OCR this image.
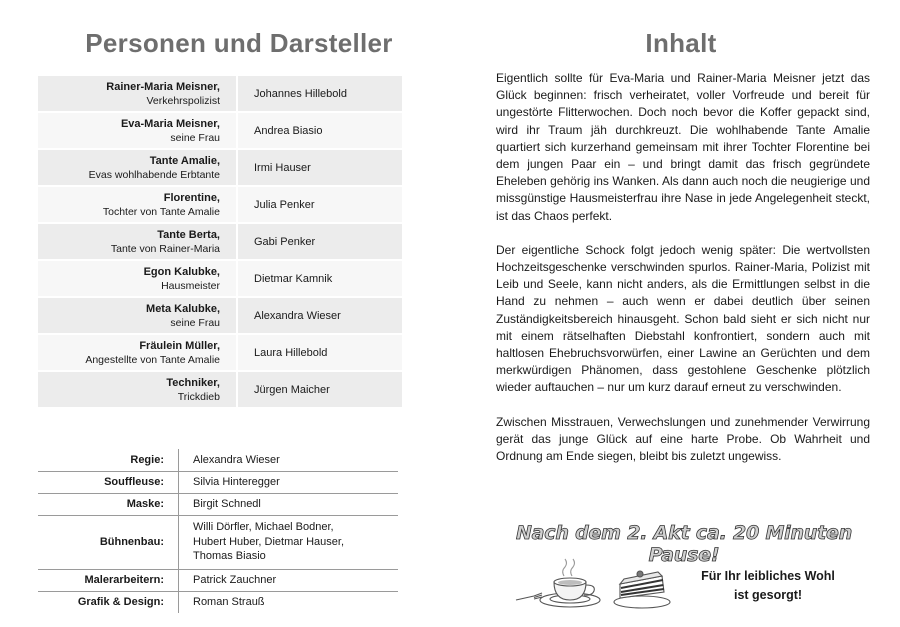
Personen und Darsteller	Inhalt
Rainer-Maria Meisner,
Verkehrspolizist	Johannes Hillebold

Eva-Maria Meisner,
seine Frau	Andrea Biasio

Tante Amalie,
Evas wohlhabende Erbtante	Irmi Hauser

Florentine,
Tochter von Tante Amalie	Julia Penker

Tante Berta,
Tante von Rainer-Maria	Gabi Penker

Egon Kalubke,
Hausmeister	Dietmar Kamnik

Meta Kalubke,
seine Frau	Alexandra Wieser

Fräulein Müller,
Angestellte von Tante Amalie	Laura Hillebold

Techniker,
Trickdieb	Jürgen Maicher
Regie:	Alexandra Wieser
Souffleuse:	Silvia Hinteregger
Maske:	Birgit Schnedl
Bühnenbau:	Willi Dörfler, Michael Bodner,
Hubert Huber, Dietmar Hauser,
Thomas Biasio

Malerarbeitern:	Patrick Zauchner
Grafik & Design:	Roman Strauß

Eigentlich sollte für Eva-Maria und Rainer-Maria Meisner jetzt das Glück beginnen: frisch verheiratet, voller Vorfreude und bereit für ungestörte Flitterwochen. Doch noch bevor die Koffer gepackt sind, wird ihr Traum jäh durchkreuzt. Die wohlhabende Tante Amalie quartiert sich kurzerhand gemeinsam mit ihrer Tochter Florentine bei dem jungen Paar ein – und bringt damit das frisch gegründete Eheleben gehörig ins Wanken. Als dann auch noch die neugierige und missgünstige Hausmeisterfrau ihre Nase in jede Angelegenheit steckt, ist das Chaos perfekt.

Der eigentliche Schock folgt jedoch wenig später: Die wertvollsten Hochzeitsgeschenke verschwinden spurlos. Rainer-Maria, Polizist mit Leib und Seele, kann nicht anders, als die Ermittlungen selbst in die Hand zu nehmen – auch wenn er dabei deutlich über seinen Zuständigkeitsbereich hinausgeht. Schon bald sieht er sich nicht nur mit einem rätselhaften Diebstahl konfrontiert, sondern auch mit haltlosen Ehebruchsvorwürfen, einer Lawine an Gerüchten und dem merkwürdigen Phänomen, dass gestohlene Geschenke plötzlich wieder auftauchen – nur um kurz darauf erneut zu verschwinden.

Zwischen Misstrauen, Verwechslungen und zunehmender Verwirrung gerät das junge Glück auf eine harte Probe. Ob Wahrheit und Ordnung am Ende siegen, bleibt bis zuletzt ungewiss.

Nach dem 2. Akt ca. 20 Minuten Pause!
Für Ihr leibliches Wohl
ist gesorgt!
